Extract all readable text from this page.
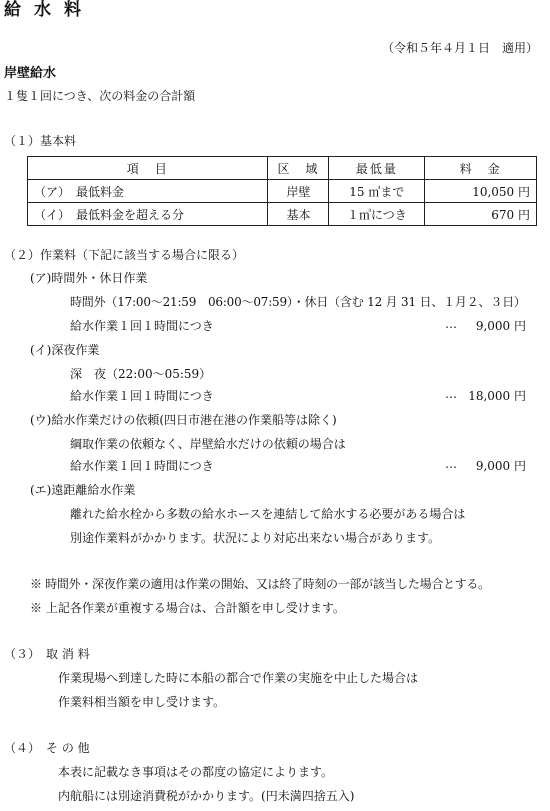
給水料
（令和５年４月１日　適用）
岸壁給水
１隻１回につき、次の料金の合計額
（１）基本料
項　目	区　域	最低量	料　金
（ア）　最低料金	岸壁	15 ㎥まで	10,050 円
（イ）　最低料金を超える分	基本	１㎥につき	670 円
（２）作業料（下記に該当する場合に限る）
(ア)時間外・休日作業
時間外（17:00～21:59　06:00～07:59）・休日（含む 12 月 31 日、１月２、３日）
給水作業１回１時間につき	… 9,000 円
(イ)深夜作業
深　夜（22:00～05:59）
給水作業１回１時間につき	… 18,000 円
(ウ)給水作業だけの依頼(四日市港在港の作業船等は除く)
綱取作業の依頼なく、岸壁給水だけの依頼の場合は
給水作業１回１時間につき	… 9,000 円
(エ)遠距離給水作業
離れた給水栓から多数の給水ホースを連結して給水する必要がある場合は
別途作業料がかかります。状況により対応出来ない場合があります。
※ 時間外・深夜作業の適用は作業の開始、又は終了時刻の一部が該当した場合とする。
※ 上記各作業が重複する場合は、合計額を申し受けます。
（３）　取 消 料
作業現場へ到達した時に本船の都合で作業の実施を中止した場合は
作業料相当額を申し受けます。
（４）　そ の 他
本表に記載なき事項はその都度の協定によります。
内航船には別途消費税がかかります。(円未満四捨五入)
